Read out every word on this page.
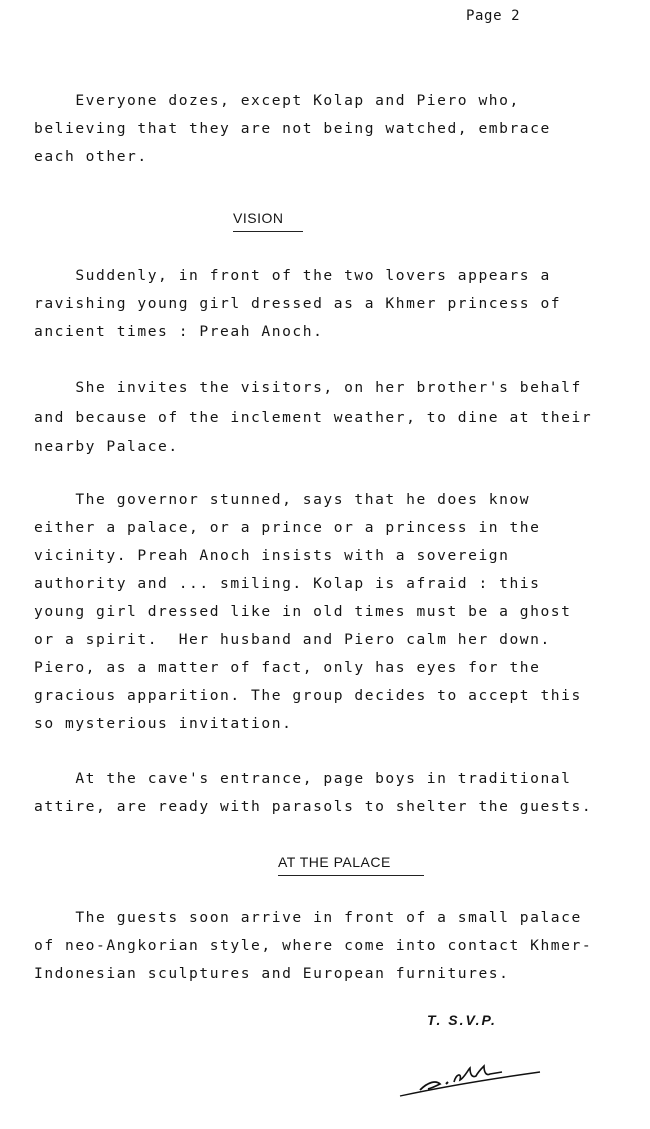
Page 2
Everyone dozes, except Kolap and Piero who,
believing that they are not being watched, embrace
each other.
VISION
Suddenly, in front of the two lovers appears a
ravishing young girl dressed as a Khmer princess of
ancient times : Preah Anoch.
She invites the visitors, on her brother's behalf
and because of the inclement weather, to dine at their
nearby Palace.
The governor stunned, says that he does know
either a palace, or a prince or a princess in the
vicinity. Preah Anoch insists with a sovereign
authority and ... smiling. Kolap is afraid : this
young girl dressed like in old times must be a ghost
or a spirit.  Her husband and Piero calm her down.
Piero, as a matter of fact, only has eyes for the
gracious apparition. The group decides to accept this
so mysterious invitation.
At the cave's entrance, page boys in traditional
attire, are ready with parasols to shelter the guests.
AT THE PALACE
The guests soon arrive in front of a small palace
of neo-Angkorian style, where come into contact Khmer-
Indonesian sculptures and European furnitures.
T. S.V.P.
